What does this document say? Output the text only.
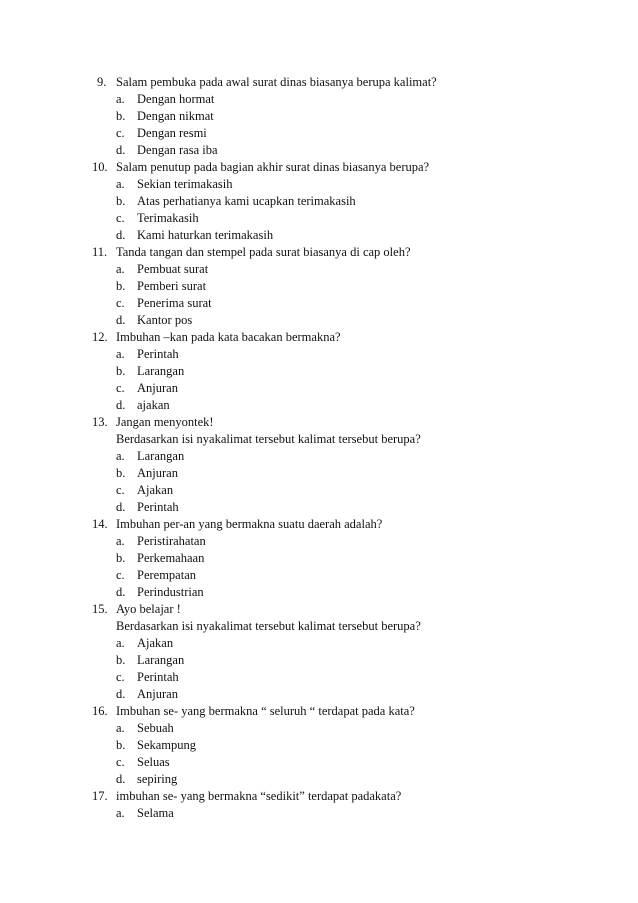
9. Salam pembuka pada awal surat dinas biasanya berupa kalimat?
a. Dengan hormat
b. Dengan nikmat
c. Dengan resmi
d. Dengan rasa iba
10. Salam penutup pada bagian akhir surat dinas biasanya berupa?
a. Sekian terimakasih
b. Atas perhatianya kami ucapkan terimakasih
c. Terimakasih
d. Kami haturkan terimakasih
11. Tanda tangan dan stempel pada surat biasanya di cap oleh?
a. Pembuat surat
b. Pemberi surat
c. Penerima surat
d. Kantor pos
12. Imbuhan –kan pada kata bacakan bermakna?
a. Perintah
b. Larangan
c. Anjuran
d. ajakan
13. Jangan menyontek!
Berdasarkan isi nyakalimat tersebut kalimat tersebut berupa?
a. Larangan
b. Anjuran
c. Ajakan
d. Perintah
14. Imbuhan per-an yang bermakna suatu daerah adalah?
a. Peristirahatan
b. Perkemahaan
c. Perempatan
d. Perindustrian
15. Ayo belajar !
Berdasarkan isi nyakalimat tersebut kalimat tersebut berupa?
a. Ajakan
b. Larangan
c. Perintah
d. Anjuran
16. Imbuhan se- yang bermakna “ seluruh “ terdapat pada kata?
a. Sebuah
b. Sekampung
c. Seluas
d. sepiring
17. imbuhan se- yang bermakna “sedikit” terdapat padakata?
a. Selama
